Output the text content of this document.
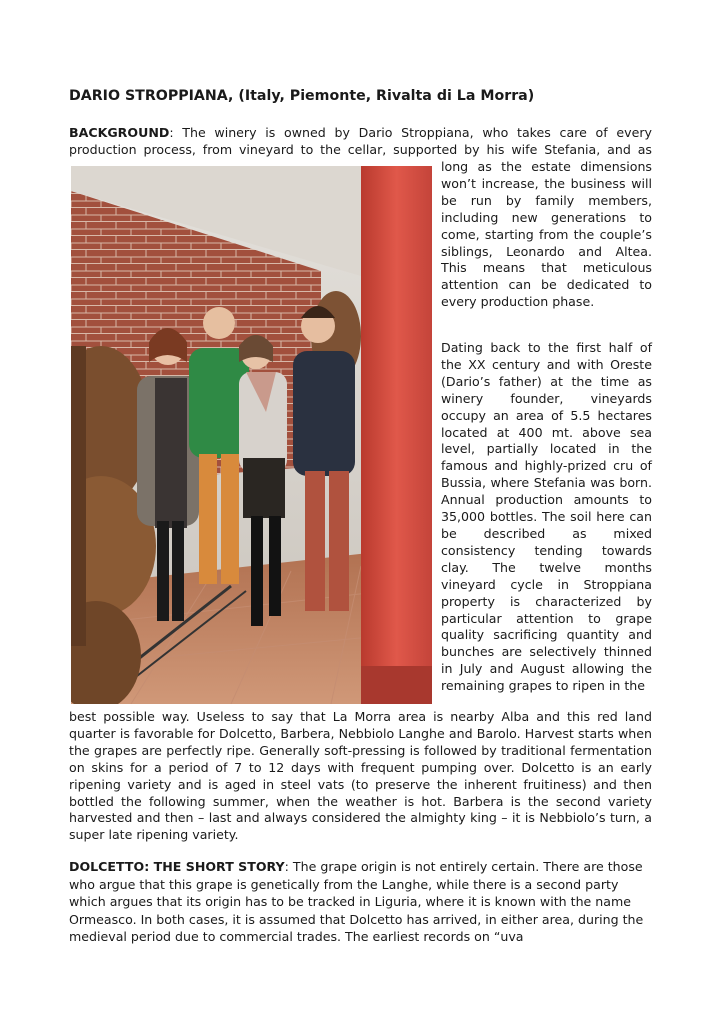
DARIO STROPPIANA, (Italy, Piemonte, Rivalta di La Morra)

BACKGROUND: The winery is owned by Dario Stroppiana, who takes care of every

production process, from vineyard to the cellar, supported by his wife Stefania, and as

long as the estate dimensions won’t increase, the business will be run by family members, including new generations to come, starting from the couple’s siblings, Leonardo and Altea. This means that meticulous attention can be dedicated to every production phase.

Dating back to the first half of the XX century and with Oreste (Dario’s father) at the time as winery founder, vineyards occupy an area of 5.5 hectares located at 400 mt. above sea level, partially located in the famous and highly-prized cru of Bussia, where Stefania was born. Annual production amounts to 35,000 bottles. The soil here can be described as mixed consistency tending towards clay. The twelve months vineyard cycle in Stroppiana property is characterized by particular attention to grape quality sacrificing quantity and bunches are selectively thinned in July and August allowing the remaining grapes to ripen in the

best possible way. Useless to say that La Morra area is nearby Alba and this red land quarter is favorable for Dolcetto, Barbera, Nebbiolo Langhe and Barolo. Harvest starts when the grapes are perfectly ripe. Generally soft-pressing is followed by traditional fermentation on skins for a period of 7 to 12 days with frequent pumping over. Dolcetto is an early ripening variety and is aged in steel vats (to preserve the inherent fruitiness) and then bottled the following summer, when the weather is hot. Barbera is the second variety harvested and then – last and always considered the almighty king – it is Nebbiolo’s turn, a super late ripening variety.

DOLCETTO: THE SHORT STORY: The grape origin is not entirely certain. There are those who argue that this grape is genetically from the Langhe, while there is a second party which argues that its origin has to be tracked in Liguria, where it is known with the name Ormeasco. In both cases, it is assumed that Dolcetto has arrived, in either area, during the medieval period due to commercial trades. The earliest records on “uva
